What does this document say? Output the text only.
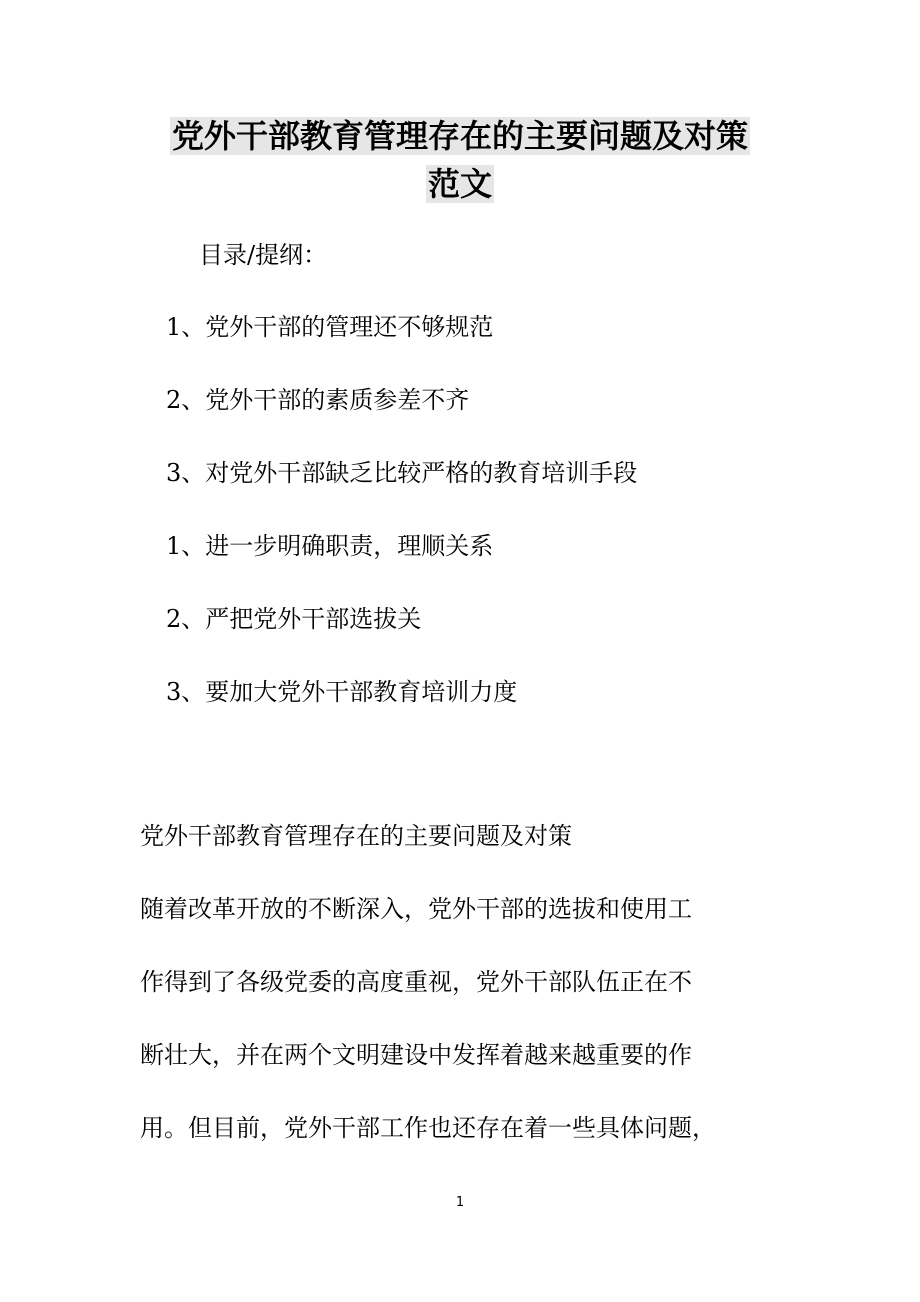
党外干部教育管理存在的主要问题及对策
范文
目录/提纲：
1、党外干部的管理还不够规范
2、党外干部的素质参差不齐
3、对党外干部缺乏比较严格的教育培训手段
1、进一步明确职责，理顺关系
2、严把党外干部选拔关
3、要加大党外干部教育培训力度
党外干部教育管理存在的主要问题及对策
随着改革开放的不断深入，党外干部的选拔和使用工
作得到了各级党委的高度重视，党外干部队伍正在不
断壮大，并在两个文明建设中发挥着越来越重要的作
用。但目前，党外干部工作也还存在着一些具体问题，
1
